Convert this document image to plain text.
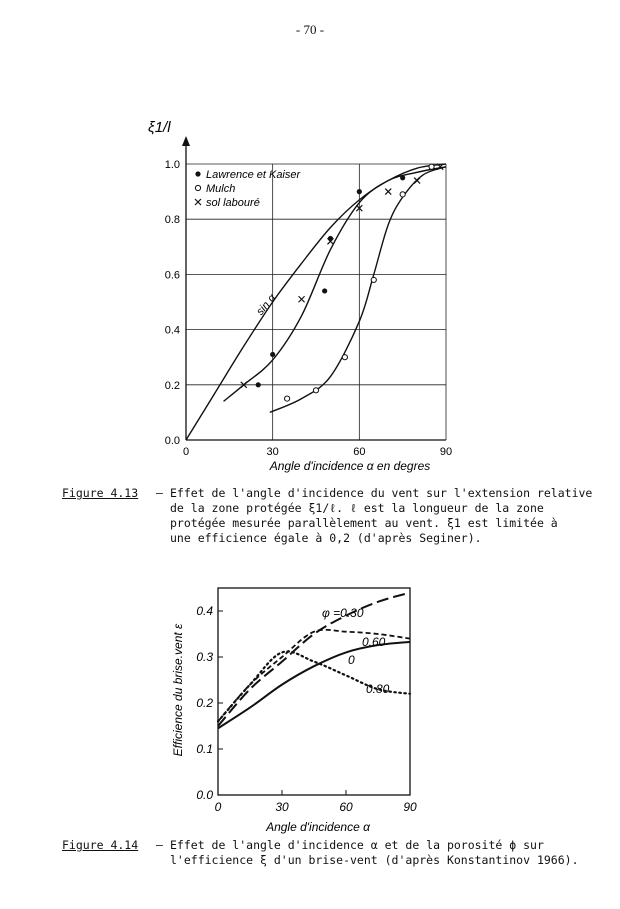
- 70 -
0.0
0.2
0.4
0.6
0.8
1.0
0	30	60	90
ξ1/l
Angle d'incidence α en degres
sin α
Lawrence et Kaiser
Mulch
sol labouré
0.0
0.1
0.2
0.3
0.4
0	30	60	90
Angle d'incidence α
Efficience du brise.vent ε
φ =0.30
0.60
0
0.80
Figure 4.13	– Effet de l'angle d'incidence du vent sur l'extension relative
de la zone protégée ξ1/ℓ. ℓ est la longueur de la zone
protégée mesurée parallèlement au vent. ξ1 est limitée à
une efficience égale à 0,2 (d'après Seginer).
Figure 4.14	– Effet de l'angle d'incidence α et de la porosité ϕ sur
l'efficience ξ d'un brise-vent (d'après Konstantinov 1966).
